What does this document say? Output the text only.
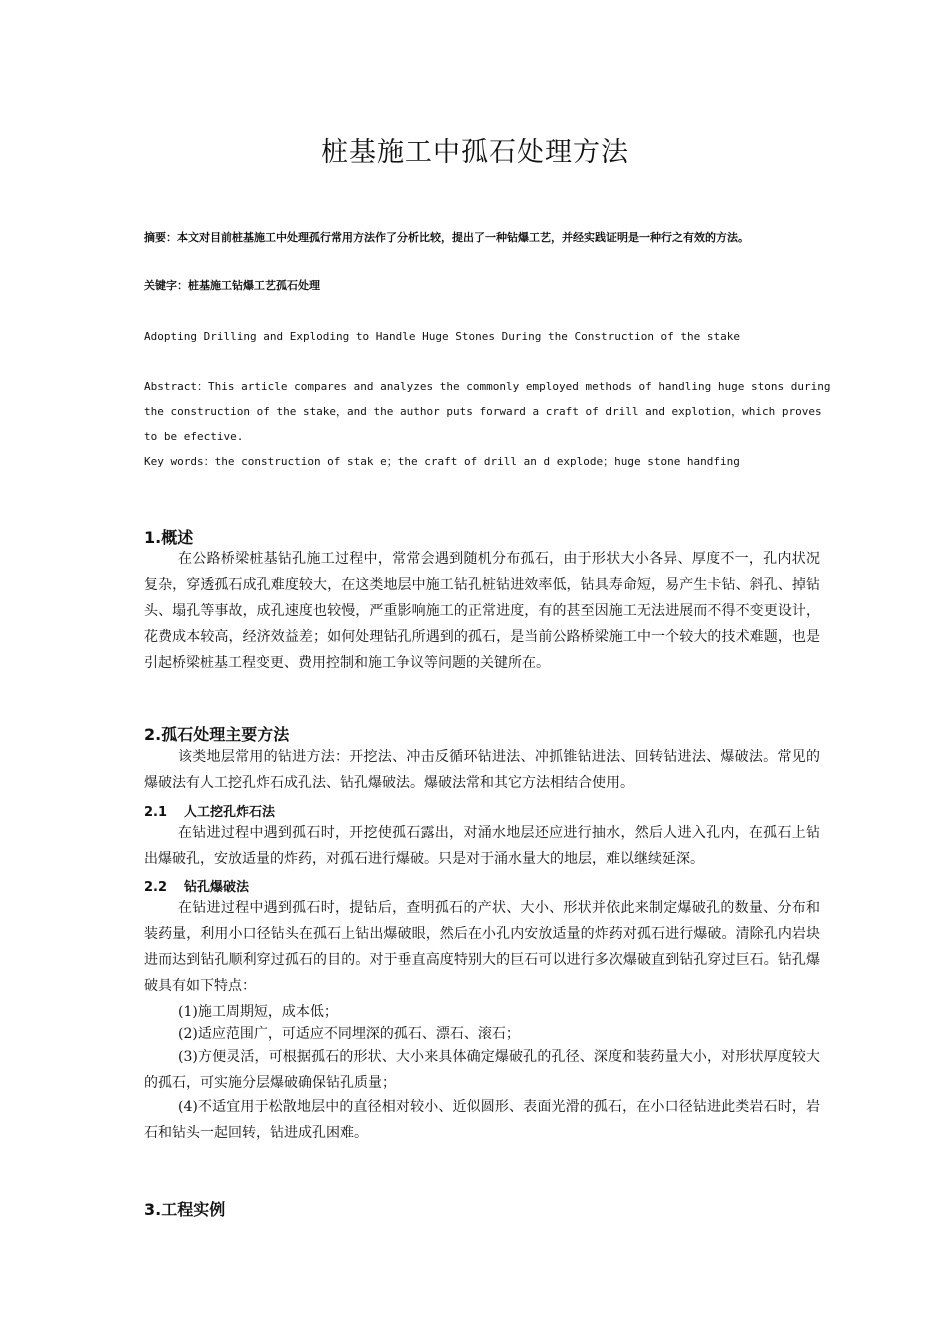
桩基施工中孤石处理方法

摘要：本文对目前桩基施工中处理孤行常用方法作了分析比较，提出了一种钻爆工艺，并经实践证明是一种行之有效的方法。

关键字：桩基施工钻爆工艺孤石处理

Adopting Drilling and Exploding to Handle Huge Stones During the Construction of the stake

Abstract：This article compares and analyzes the commonly employed methods of handling huge stons during the construction of the stake，and the author puts forward a craft of drill and explotion，which proves to be efective.

Key words：the construction of stak e；the craft of drill an d explode；huge stone handfing

1.概述

在公路桥梁桩基钻孔施工过程中，常常会遇到随机分布孤石，由于形状大小各异、厚度不一，孔内状况复杂，穿透孤石成孔难度较大，在这类地层中施工钻孔桩钻进效率低，钻具寿命短，易产生卡钻、斜孔、掉钻头、塌孔等事故，成孔速度也较慢，严重影响施工的正常进度，有的甚至因施工无法进展而不得不变更设计，花费成本较高，经济效益差；如何处理钻孔所遇到的孤石，是当前公路桥梁施工中一个较大的技术难题，也是引起桥梁桩基工程变更、费用控制和施工争议等问题的关键所在。

2.孤石处理主要方法

该类地层常用的钻进方法：开挖法、冲击反循环钻进法、冲抓锥钻进法、回转钻进法、爆破法。常见的爆破法有人工挖孔炸石成孔法、钻孔爆破法。爆破法常和其它方法相结合使用。

2.1 人工挖孔炸石法

在钻进过程中遇到孤石时，开挖使孤石露出，对涌水地层还应进行抽水，然后人进入孔内，在孤石上钻出爆破孔，安放适量的炸药，对孤石进行爆破。只是对于涌水量大的地层，难以继续延深。

2.2 钻孔爆破法

在钻进过程中遇到孤石时，提钻后，查明孤石的产状、大小、形状并依此来制定爆破孔的数量、分布和装药量，利用小口径钻头在孤石上钻出爆破眼，然后在小孔内安放适量的炸药对孤石进行爆破。清除孔内岩块进而达到钻孔顺利穿过孤石的目的。对于垂直高度特别大的巨石可以进行多次爆破直到钻孔穿过巨石。钻孔爆破具有如下特点：

(1)施工周期短，成本低；

(2)适应范围广，可适应不同埋深的孤石、漂石、滚石；

(3)方便灵活，可根据孤石的形状、大小来具体确定爆破孔的孔径、深度和装药量大小，对形状厚度较大的孤石，可实施分层爆破确保钻孔质量；

(4)不适宜用于松散地层中的直径相对较小、近似圆形、表面光滑的孤石，在小口径钻进此类岩石时，岩石和钻头一起回转，钻进成孔困难。

3.工程实例
